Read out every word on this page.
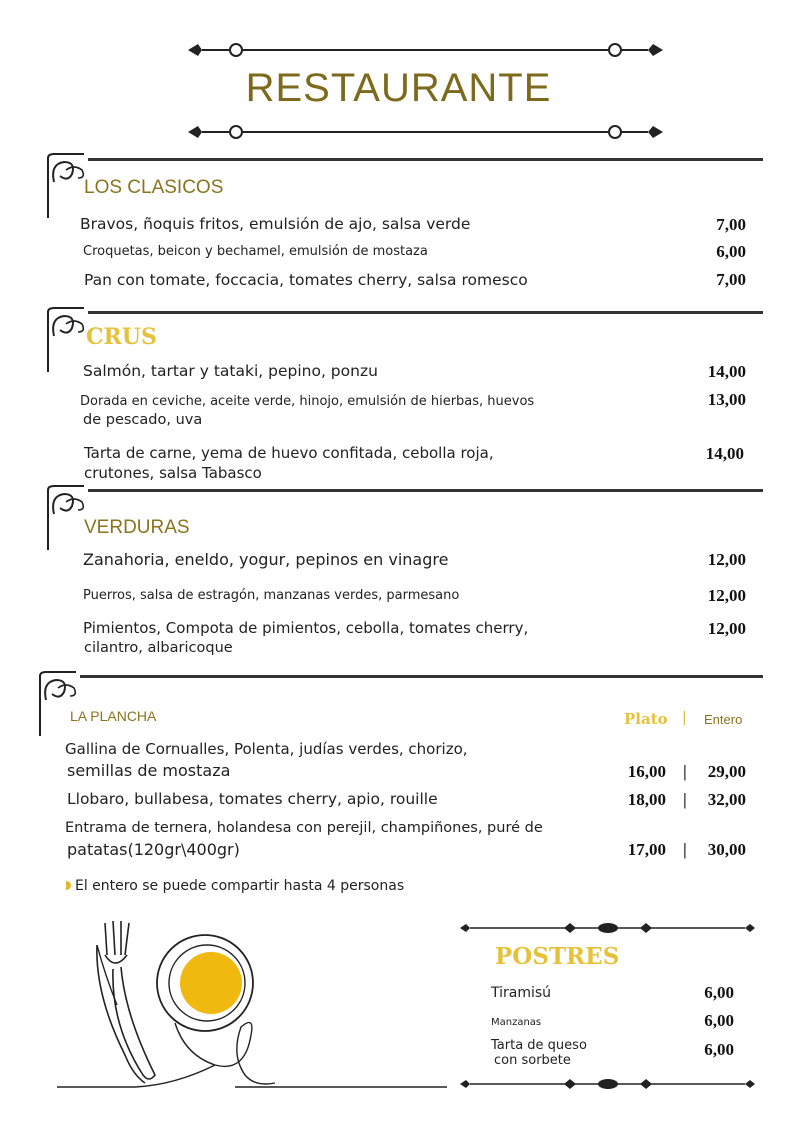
RESTAURANTE
LOS CLASICOS
Bravos, ñoquis fritos, emulsión de ajo, salsa verde	7,00
Croquetas, beicon y bechamel, emulsión de mostaza	6,00
Pan con tomate, foccacia, tomates cherry, salsa romesco	7,00
CRUS
Salmón, tartar y tataki, pepino, ponzu	14,00
Dorada en ceviche, aceite verde, hinojo, emulsión de hierbas, huevos
de pescado, uva
13,00
Tarta de carne, yema de huevo confitada, cebolla roja,
crutones, salsa Tabasco
14,00
VERDURAS
Zanahoria, eneldo, yogur, pepinos en vinagre	12,00
Puerros, salsa de estragón, manzanas verdes, parmesano	12,00
Pimientos, Compota de pimientos, cebolla, tomates cherry,
cilantro, albaricoque
12,00
LA PLANCHA	Plato | Entero
Gallina de Cornualles, Polenta, judías verdes, chorizo,
semillas de mostaza	16,00 |	29,00
Llobaro, bullabesa, tomates cherry, apio, rouille	18,00 |	32,00
Entrama de ternera, holandesa con perejil, champiñones, puré de
patatas(120gr\400gr)	17,00 |	30,00
El entero se puede compartir hasta 4 personas
POSTRES
Tiramisú	6,00
Manzanas	6,00
Tarta de queso
con sorbete
6,00
